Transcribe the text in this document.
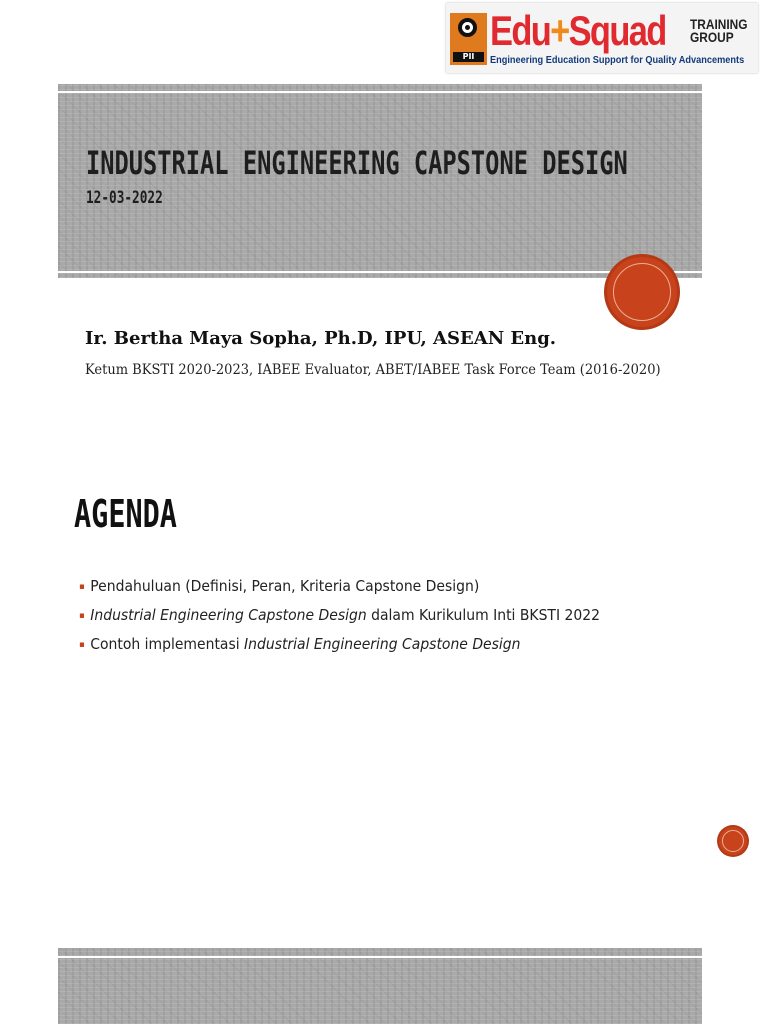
PII
Edu+Squad TRAINING
GROUP
Engineering Education Support for Quality Advancements
INDUSTRIAL ENGINEERING CAPSTONE DESIGN
12-03-2022
Ir. Bertha Maya Sopha, Ph.D, IPU, ASEAN Eng.
Ketum BKSTI 2020-2023, IABEE Evaluator, ABET/IABEE Task Force Team (2016-2020)
AGENDA
▪ Pendahuluan (Definisi, Peran, Kriteria Capstone Design)
▪ Industrial Engineering Capstone Design dalam Kurikulum Inti BKSTI 2022
▪ Contoh implementasi Industrial Engineering Capstone Design
